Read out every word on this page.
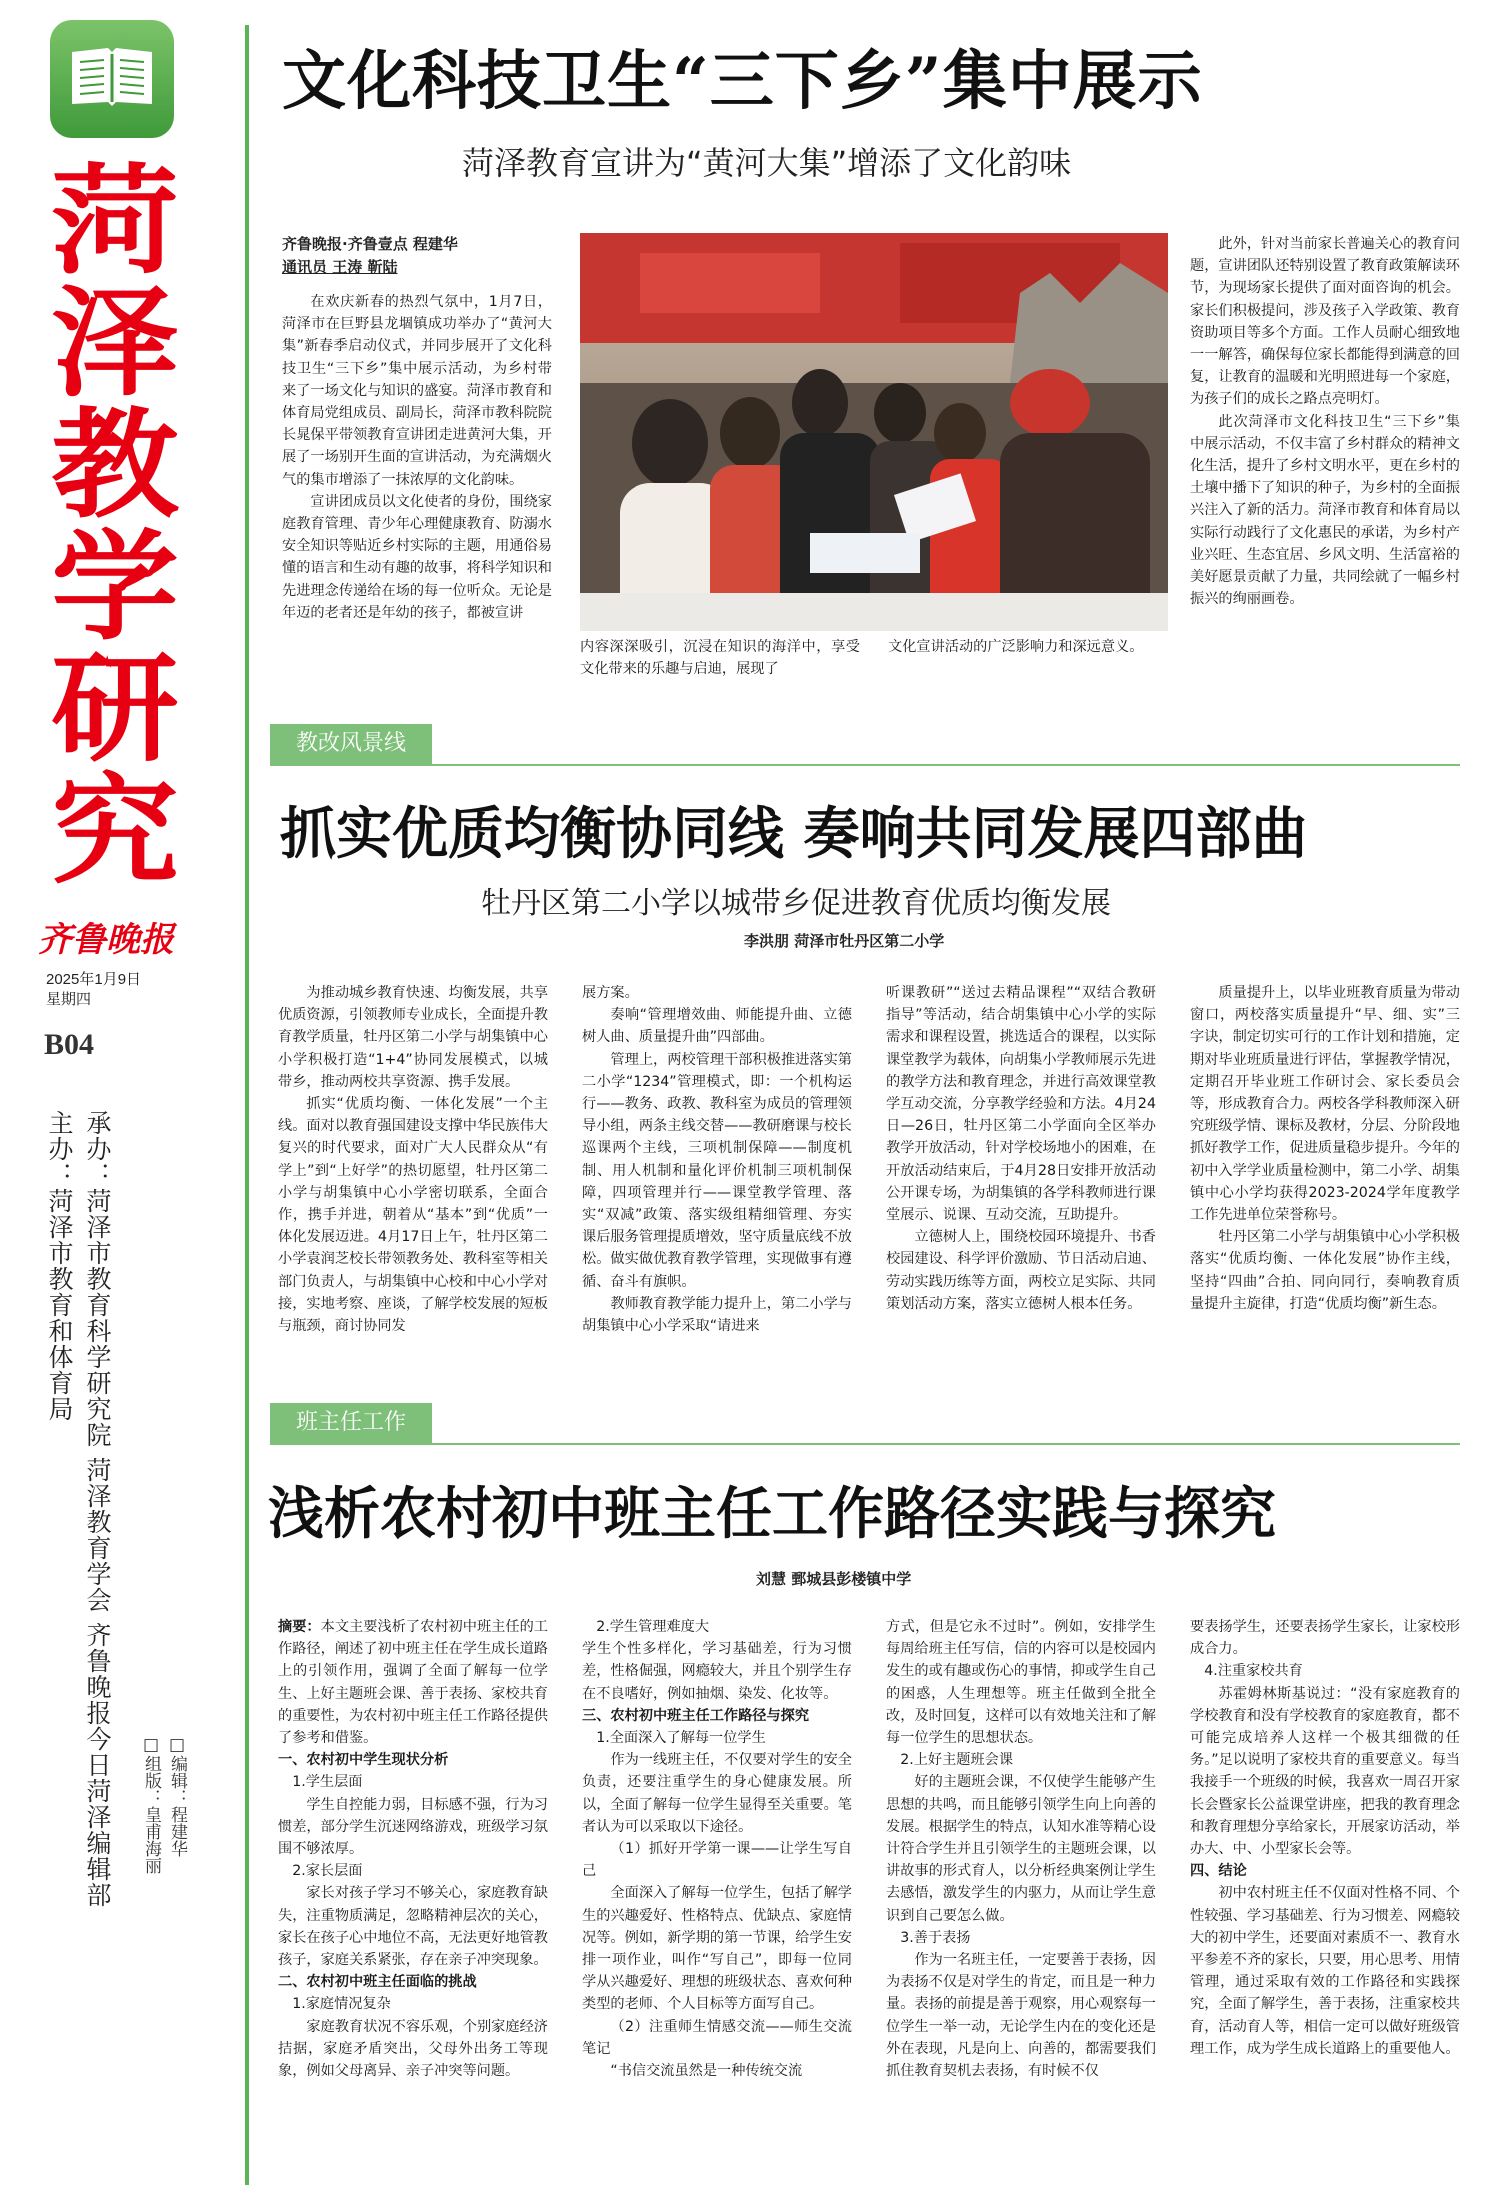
菏
泽
教
学
研
究
齐鲁晚报
2025年1月9日
星期四
B04
承办：菏泽市教育科学研究院 菏泽教育学会 齐鲁晚报今日菏泽编辑部
主办：菏泽市教育和体育局
□编辑：程建华
□组版：皇甫海丽
文化科技卫生“三下乡”集中展示
菏泽教育宣讲为“黄河大集”增添了文化韵味
齐鲁晚报·齐鲁壹点 程建华
通讯员 王涛 靳陆

在欢庆新春的热烈气氛中，1月7日，菏泽市在巨野县龙堌镇成功举办了“黄河大集”新春季启动仪式，并同步展开了文化科技卫生“三下乡”集中展示活动，为乡村带来了一场文化与知识的盛宴。菏泽市教育和体育局党组成员、副局长，菏泽市教科院院长晁保平带领教育宣讲团走进黄河大集，开展了一场别开生面的宣讲活动，为充满烟火气的集市增添了一抹浓厚的文化韵味。

宣讲团成员以文化使者的身份，围绕家庭教育管理、青少年心理健康教育、防溺水安全知识等贴近乡村实际的主题，用通俗易懂的语言和生动有趣的故事，将科学知识和先进理念传递给在场的每一位听众。无论是年迈的老者还是年幼的孩子，都被宣讲

内容深深吸引，沉浸在知识的海洋中，享受文化带来的乐趣与启迪，展现了

文化宣讲活动的广泛影响力和深远意义。

此外，针对当前家长普遍关心的教育问题，宣讲团队还特别设置了教育政策解读环节，为现场家长提供了面对面咨询的机会。家长们积极提问，涉及孩子入学政策、教育资助项目等多个方面。工作人员耐心细致地一一解答，确保每位家长都能得到满意的回复，让教育的温暖和光明照进每一个家庭，为孩子们的成长之路点亮明灯。

此次菏泽市文化科技卫生“三下乡”集中展示活动，不仅丰富了乡村群众的精神文化生活，提升了乡村文明水平，更在乡村的土壤中播下了知识的种子，为乡村的全面振兴注入了新的活力。菏泽市教育和体育局以实际行动践行了文化惠民的承诺，为乡村产业兴旺、生态宜居、乡风文明、生活富裕的美好愿景贡献了力量，共同绘就了一幅乡村振兴的绚丽画卷。

教改风景线
抓实优质均衡协同线 奏响共同发展四部曲
牡丹区第二小学以城带乡促进教育优质均衡发展
李洪朋 菏泽市牡丹区第二小学

为推动城乡教育快速、均衡发展，共享优质资源，引领教师专业成长，全面提升教育教学质量，牡丹区第二小学与胡集镇中心小学积极打造“1+4”协同发展模式，以城带乡，推动两校共享资源、携手发展。

抓实“优质均衡、一体化发展”一个主线。面对以教育强国建设支撑中华民族伟大复兴的时代要求，面对广大人民群众从“有学上”到“上好学”的热切愿望，牡丹区第二小学与胡集镇中心小学密切联系，全面合作，携手并进，朝着从“基本”到“优质”一体化发展迈进。4月17日上午，牡丹区第二小学袁润芝校长带领教务处、教科室等相关部门负责人，与胡集镇中心校和中心小学对接，实地考察、座谈，了解学校发展的短板与瓶颈，商讨协同发

展方案。

奏响“管理增效曲、师能提升曲、立德树人曲、质量提升曲”四部曲。

管理上，两校管理干部积极推进落实第二小学“1234”管理模式，即：一个机构运行——教务、政教、教科室为成员的管理领导小组，两条主线交替——教研磨课与校长巡课两个主线，三项机制保障——制度机制、用人机制和量化评价机制三项机制保障，四项管理并行——课堂教学管理、落实“双减”政策、落实级组精细管理、夯实课后服务管理提质增效，坚守质量底线不放松。做实做优教育教学管理，实现做事有遵循、奋斗有旗帜。

教师教育教学能力提升上，第二小学与胡集镇中心小学采取“请进来

听课教研”“送过去精品课程”“双结合教研指导”等活动，结合胡集镇中心小学的实际需求和课程设置，挑选适合的课程，以实际课堂教学为载体，向胡集小学教师展示先进的教学方法和教育理念，并进行高效课堂教学互动交流，分享教学经验和方法。4月24日—26日，牡丹区第二小学面向全区举办教学开放活动，针对学校场地小的困难，在开放活动结束后，于4月28日安排开放活动公开课专场，为胡集镇的各学科教师进行课堂展示、说课、互动交流，互助提升。

立德树人上，围绕校园环境提升、书香校园建设、科学评价激励、节日活动启迪、劳动实践历练等方面，两校立足实际、共同策划活动方案，落实立德树人根本任务。

质量提升上，以毕业班教育质量为带动窗口，两校落实质量提升“早、细、实”三字诀，制定切实可行的工作计划和措施，定期对毕业班质量进行评估，掌握教学情况，定期召开毕业班工作研讨会、家长委员会等，形成教育合力。两校各学科教师深入研究班级学情、课标及教材，分层、分阶段地抓好教学工作，促进质量稳步提升。今年的初中入学学业质量检测中，第二小学、胡集镇中心小学均获得2023-2024学年度教学工作先进单位荣誉称号。

牡丹区第二小学与胡集镇中心小学积极落实“优质均衡、一体化发展”协作主线，坚持“四曲”合拍、同向同行，奏响教育质量提升主旋律，打造“优质均衡”新生态。

班主任工作
浅析农村初中班主任工作路径实践与探究
刘慧 鄄城县彭楼镇中学

摘要：本文主要浅析了农村初中班主任的工作路径，阐述了初中班主任在学生成长道路上的引领作用，强调了全面了解每一位学生、上好主题班会课、善于表扬、家校共育的重要性，为农村初中班主任工作路径提供了参考和借鉴。

一、农村初中学生现状分析

1.学生层面

学生自控能力弱，目标感不强，行为习惯差，部分学生沉迷网络游戏，班级学习氛围不够浓厚。

2.家长层面

家长对孩子学习不够关心，家庭教育缺失，注重物质满足，忽略精神层次的关心，家长在孩子心中地位不高，无法更好地管教孩子，家庭关系紧张，存在亲子冲突现象。

二、农村初中班主任面临的挑战

1.家庭情况复杂

家庭教育状况不容乐观，个别家庭经济拮据，家庭矛盾突出，父母外出务工等现象，例如父母离异、亲子冲突等问题。

2.学生管理难度大

学生个性多样化，学习基础差，行为习惯差，性格倔强，网瘾较大，并且个别学生存在不良嗜好，例如抽烟、染发、化妆等。

三、农村初中班主任工作路径与探究

1.全面深入了解每一位学生

作为一线班主任，不仅要对学生的安全负责，还要注重学生的身心健康发展。所以，全面了解每一位学生显得至关重要。笔者认为可以采取以下途径。

（1）抓好开学第一课——让学生写自己

全面深入了解每一位学生，包括了解学生的兴趣爱好、性格特点、优缺点、家庭情况等。例如，新学期的第一节课，给学生安排一项作业，叫作“写自己”，即每一位同学从兴趣爱好、理想的班级状态、喜欢何种类型的老师、个人目标等方面写自己。

（2）注重师生情感交流——师生交流笔记

“书信交流虽然是一种传统交流

方式，但是它永不过时”。例如，安排学生每周给班主任写信，信的内容可以是校园内发生的或有趣或伤心的事情，抑或学生自己的困惑，人生理想等。班主任做到全批全改，及时回复，这样可以有效地关注和了解每一位学生的思想状态。

2.上好主题班会课

好的主题班会课，不仅使学生能够产生思想的共鸣，而且能够引领学生向上向善的发展。根据学生的特点，认知水准等精心设计符合学生并且引领学生的主题班会课，以讲故事的形式育人，以分析经典案例让学生去感悟，激发学生的内驱力，从而让学生意识到自己要怎么做。

3.善于表扬

作为一名班主任，一定要善于表扬，因为表扬不仅是对学生的肯定，而且是一种力量。表扬的前提是善于观察，用心观察每一位学生一举一动，无论学生内在的变化还是外在表现，凡是向上、向善的，都需要我们抓住教育契机去表扬，有时候不仅

要表扬学生，还要表扬学生家长，让家校形成合力。

4.注重家校共育

苏霍姆林斯基说过：“没有家庭教育的学校教育和没有学校教育的家庭教育，都不可能完成培养人这样一个极其细微的任务。”足以说明了家校共育的重要意义。每当我接手一个班级的时候，我喜欢一周召开家长会暨家长公益课堂讲座，把我的教育理念和教育理想分享给家长，开展家访活动，举办大、中、小型家长会等。

四、结论

初中农村班主任不仅面对性格不同、个性较强、学习基础差、行为习惯差、网瘾较大的初中学生，还要面对素质不一、教育水平参差不齐的家长，只要，用心思考、用情管理，通过采取有效的工作路径和实践探究，全面了解学生，善于表扬，注重家校共育，活动育人等，相信一定可以做好班级管理工作，成为学生成长道路上的重要他人。
